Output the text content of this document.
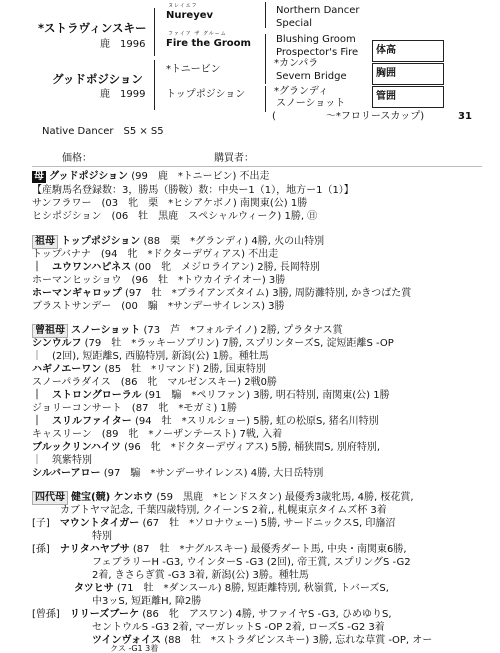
*ストラヴィンスキー
鹿　1996
ヌレイエフ
Nureyev
ファイア ザ グルーム
Fire the Groom
Northern Dancer
Special
Blushing Groom
Prospector's Fire
グッドポジション
鹿　1999
*トニービン
トップポジション
*カンパラ
Severn Bridge
*グランディ
スノーショット
(　　　　　～*フロリースカップ)
体高
胸囲
管囲
31
Native Dancer　S5 × S5
価格：	購買者：
母 グッドポジション (99　鹿　*トニービン) 不出走
【産駒馬名登録数：3，勝馬（勝鞍）数：中央ー1（1），地方ー1（1）】
サンフラワー　(03　牝　栗　*ヒシアケボノ) 南関東(公) 1勝
ヒシポジション　(06　牡　黒鹿　スペシャルウィーク) 1勝, ㊐
祖母 トップポジション (88　栗　*グランディ) 4勝, 火の山特別
トップバナナ　(94　牝　*ドクターデヴィアス) 不出走
｜　ユウワンハピネス (00　牝　メジロライアン) 2勝, 長岡特別
ホーマンヒッショウ　(96　牡　*トウカイテイオー) 3勝
ホーマンギャロップ (97　牡　*ブライアンズタイム) 3勝, 周防灘特別, かきつばた賞
ブラストサンデー　(00　騸　*サンデーサイレンス) 3勝
曾祖母 スノーショット (73　芦　*フォルテイノ) 2勝, プラタナス賞
シンウルフ (79　牡　*ラッキーソブリン) 7勝, スプリンターズS, 淀短距離S -OP
｜　(2回), 短距離S, 西脇特別, 新潟(公) 1勝。種牡馬
ハギノエーワン (85　牡　*リマンド) 2勝, 国東特別
スノーパラダイス　(86　牝　マルゼンスキー) 2戦0勝
｜　ストロングローラル (91　騸　*ペリファン) 3勝, 明石特別, 南関東(公) 1勝
ジョリーコンサート　(87　牝　*モガミ) 1勝
｜　スリルファイター (94　牡　*スリルショー) 5勝, 虹の松原S, 猪名川特別
キャスリーン　(89　牝　*ノーザンテースト) 7戦, 入着
ブルックリンハイツ (96　牝　*ドクターデヴィアス) 5勝, 桶狭間S, 別府特別,
｜　筑紫特別
シルバーアロー (97　騸　*サンデーサイレンス) 4勝, 大日岳特別
四代母 健宝(競) ケンホウ (59　黒鹿　*ヒンドスタン) 最優秀3歳牝馬, 4勝, 桜花賞,
カブトヤマ記念, 千葉四歳特別, クイーンS 2着,, 札幌東京タイムズ杯 3着
[子]　 マウントタイガー (67　牡　*ソロナウェー) 5勝, サードニックスS, 印旛沼
特別
[孫]　 ナリタハヤブサ (87　牡　*ナグルスキー) 最優秀ダート馬, 中央・南関東6勝,
フェブラリーH -G3, ウインターS -G3 (2回), 帝王賞, スプリングS -G2
2着, きさらぎ賞 -G3 3着, 新潟(公) 3勝。種牡馬
タツヒサ (71　牡　*ダンスール) 8勝, 短距離特別, 秋嶺賞, トバーズS,
中3ッS, 短距離H, 障2勝
[曾孫]　 リリーズブーケ (86　牝　アスワン) 4勝, サファイヤS -G3, ひめゆりS,
セントウルS -G3 2着, マーガレットS -OP 2着, ローズS -G2 3着
ツインヴォイス (88　牡　*ストラダビンスキー) 3勝, 忘れな草賞 -OP, オー
クス -G1 3着
